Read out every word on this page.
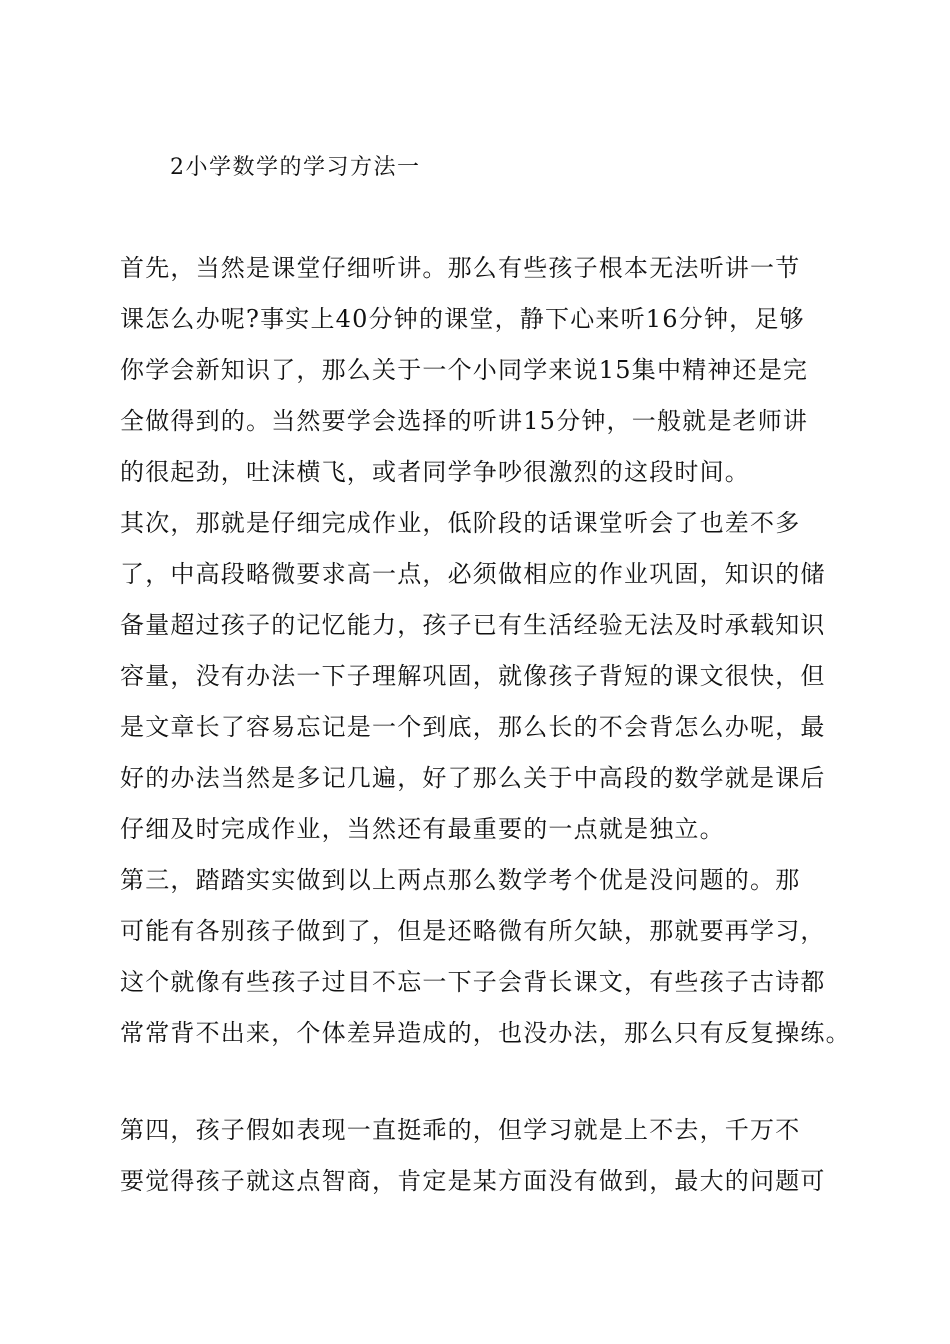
2小学数学的学习方法一
首先，当然是课堂仔细听讲。那么有些孩子根本无法听讲一节
课怎么办呢?事实上40分钟的课堂，静下心来听16分钟，足够
你学会新知识了，那么关于一个小同学来说15集中精神还是完
全做得到的。当然要学会选择的听讲15分钟，一般就是老师讲
的很起劲，吐沫横飞，或者同学争吵很激烈的这段时间。
其次，那就是仔细完成作业，低阶段的话课堂听会了也差不多
了，中高段略微要求高一点，必须做相应的作业巩固，知识的储
备量超过孩子的记忆能力，孩子已有生活经验无法及时承载知识
容量，没有办法一下子理解巩固，就像孩子背短的课文很快，但
是文章长了容易忘记是一个到底，那么长的不会背怎么办呢，最
好的办法当然是多记几遍，好了那么关于中高段的数学就是课后
仔细及时完成作业，当然还有最重要的一点就是独立。
第三，踏踏实实做到以上两点那么数学考个优是没问题的。那
可能有各别孩子做到了，但是还略微有所欠缺，那就要再学习，
这个就像有些孩子过目不忘一下子会背长课文，有些孩子古诗都
常常背不出来，个体差异造成的，也没办法，那么只有反复操练。
第四，孩子假如表现一直挺乖的，但学习就是上不去，千万不
要觉得孩子就这点智商，肯定是某方面没有做到，最大的问题可
